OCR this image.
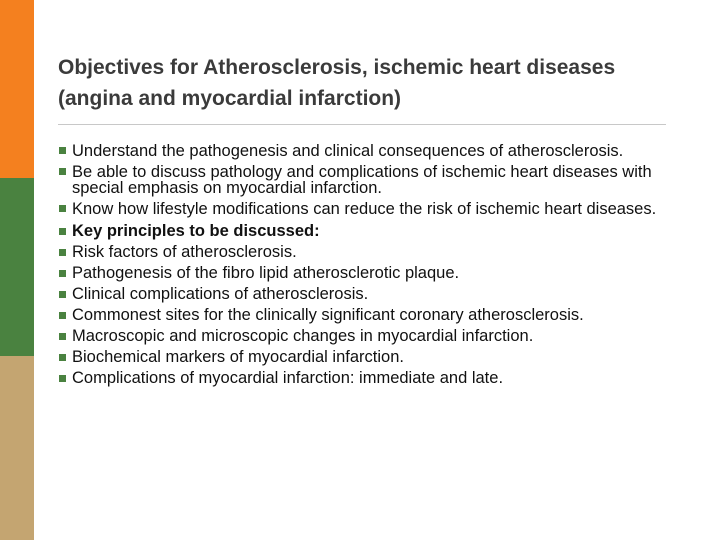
Objectives for Atherosclerosis, ischemic heart diseases (angina and myocardial infarction)
Understand the pathogenesis and clinical consequences of atherosclerosis.
Be able to discuss pathology and complications of ischemic heart diseases with special emphasis on myocardial infarction.
Know how lifestyle modifications can reduce the risk of ischemic heart diseases.
Key principles to be discussed:
Risk factors of atherosclerosis.
Pathogenesis of the fibro lipid atherosclerotic plaque.
Clinical complications of atherosclerosis.
Commonest sites for the clinically significant coronary atherosclerosis.
Macroscopic and microscopic changes in myocardial infarction.
Biochemical markers of myocardial infarction.
Complications of myocardial infarction: immediate and late.
